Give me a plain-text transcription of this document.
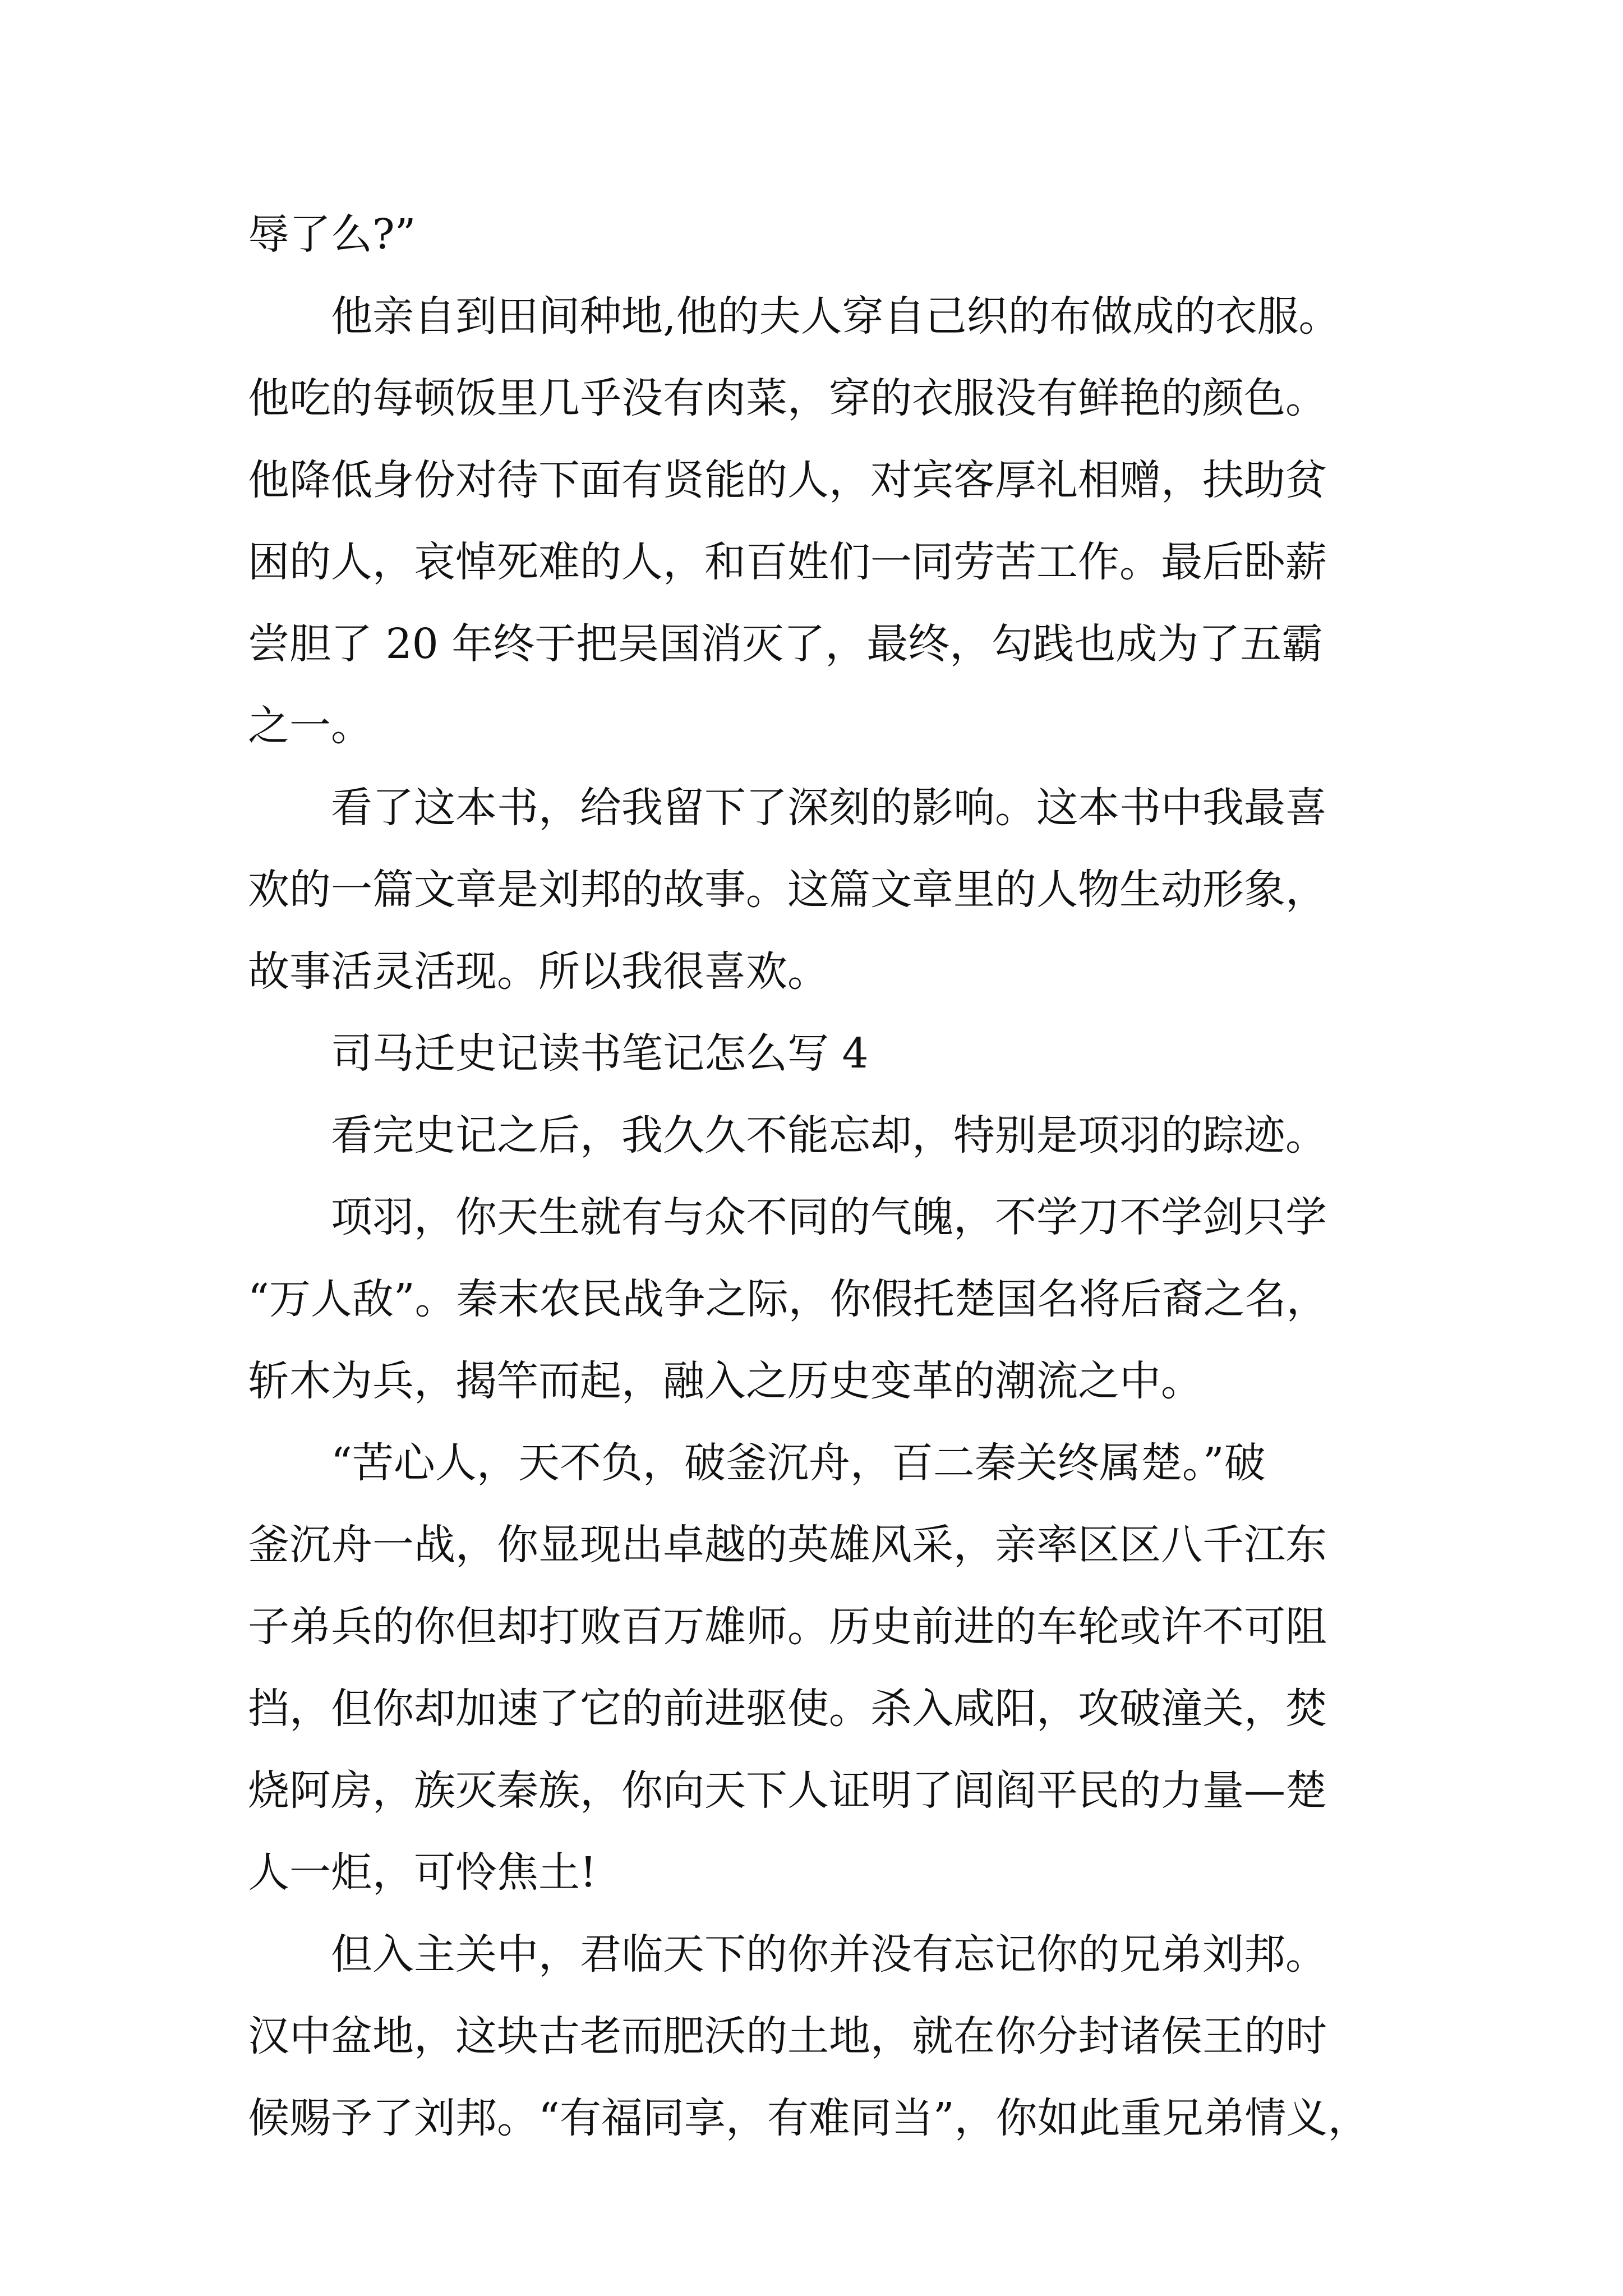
辱了么?”
他亲自到田间种地,他的夫人穿自己织的布做成的衣服。
他吃的每顿饭里几乎没有肉菜，穿的衣服没有鲜艳的颜色。
他降低身份对待下面有贤能的人，对宾客厚礼相赠，扶助贫
困的人，哀悼死难的人，和百姓们一同劳苦工作。最后卧薪
尝胆了 20 年终于把吴国消灭了，最终，勾践也成为了五霸
之一。
看了这本书，给我留下了深刻的影响。这本书中我最喜
欢的一篇文章是刘邦的故事。这篇文章里的人物生动形象，
故事活灵活现。所以我很喜欢。
司马迁史记读书笔记怎么写 4
看完史记之后，我久久不能忘却，特别是项羽的踪迹。
项羽，你天生就有与众不同的气魄，不学刀不学剑只学
“万人敌”。秦末农民战争之际，你假托楚国名将后裔之名，
斩木为兵，揭竿而起，融入之历史变革的潮流之中。
“苦心人，天不负，破釜沉舟，百二秦关终属楚。”破
釜沉舟一战，你显现出卓越的英雄风采，亲率区区八千江东
子弟兵的你但却打败百万雄师。历史前进的车轮或许不可阻
挡，但你却加速了它的前进驱使。杀入咸阳，攻破潼关，焚
烧阿房，族灭秦族，你向天下人证明了闾阎平民的力量—楚
人一炬，可怜焦土!
但入主关中，君临天下的你并没有忘记你的兄弟刘邦。
汉中盆地，这块古老而肥沃的土地，就在你分封诸侯王的时
候赐予了刘邦。“有福同享，有难同当”，你如此重兄弟情义，
